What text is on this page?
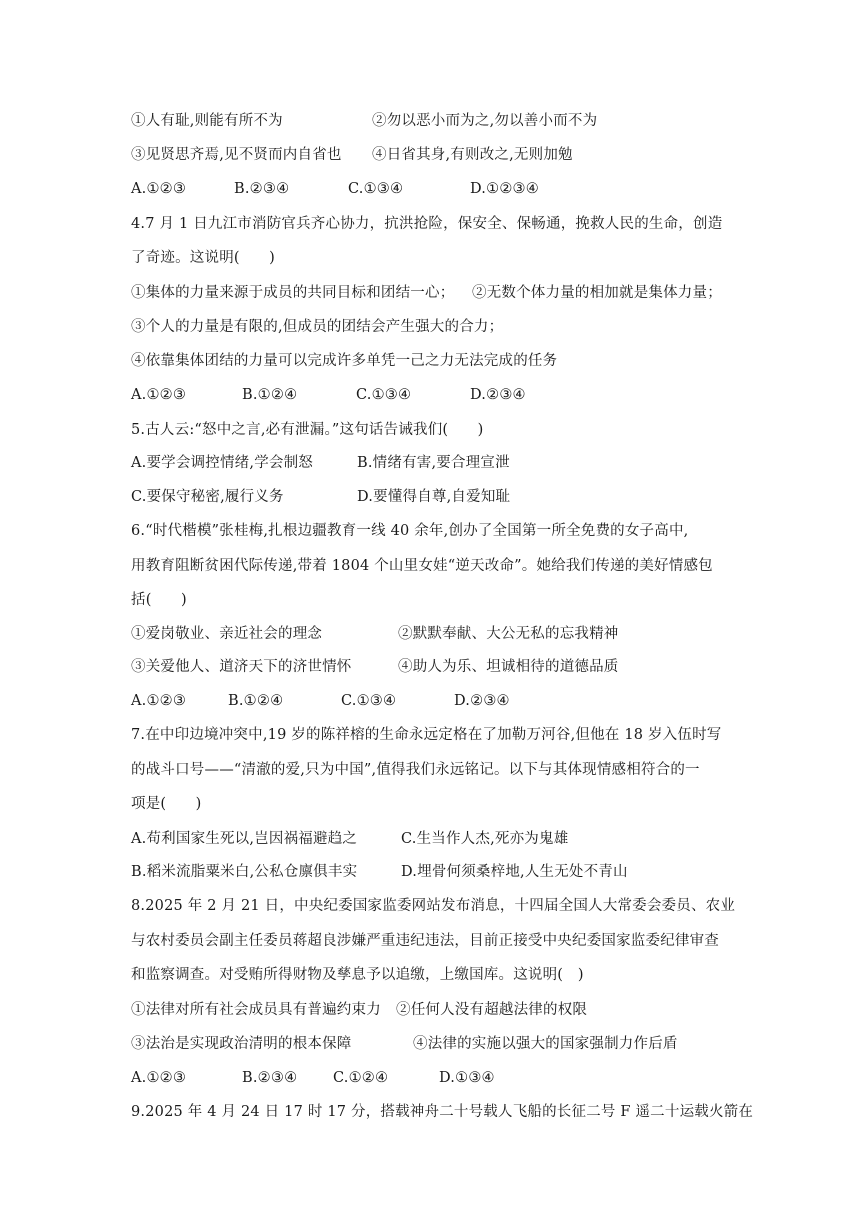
①人有耻,则能有所不为	②勿以恶小而为之,勿以善小而不为
③见贤思齐焉,见不贤而内自省也 ④日省其身,有则改之,无则加勉
A.①②③	B.②③④	C.①③④	D.①②③④
4.7 月 1 日九江市消防官兵齐心协力，抗洪抢险，保安全、保畅通，挽救人民的生命，创造
了奇迹。这说明(　　)
①集体的力量来源于成员的共同目标和团结一心； ②无数个体力量的相加就是集体力量；
③个人的力量是有限的,但成员的团结会产生强大的合力；
④依靠集体团结的力量可以完成许多单凭一己之力无法完成的任务
A.①②③	B.①②④	C.①③④	D.②③④
5.古人云:“怒中之言,必有泄漏。”这句话告诫我们(　　)
A.要学会调控情绪,学会制怒	B.情绪有害,要合理宣泄
C.要保守秘密,履行义务	D.要懂得自尊,自爱知耻
6.“时代楷模”张桂梅,扎根边疆教育一线 40 余年,创办了全国第一所全免费的女子高中,
用教育阻断贫困代际传递,带着 1804 个山里女娃“逆天改命”。她给我们传递的美好情感包
括(　　)
①爱岗敬业、亲近社会的理念	②默默奉献、大公无私的忘我精神
③关爱他人、道济天下的济世情怀	④助人为乐、坦诚相待的道德品质
A.①②③	B.①②④	C.①③④	D.②③④
7.在中印边境冲突中,19 岁的陈祥榕的生命永远定格在了加勒万河谷,但他在 18 岁入伍时写
的战斗口号——“清澈的爱,只为中国”,值得我们永远铭记。以下与其体现情感相符合的一
项是(　　)
A.苟利国家生死以,岂因祸福避趋之	C.生当作人杰,死亦为鬼雄
B.稻米流脂粟米白,公私仓廪俱丰实	D.埋骨何须桑梓地,人生无处不青山
8.2025 年 2 月 21 日，中央纪委国家监委网站发布消息，十四届全国人大常委会委员、农业
与农村委员会副主任委员蒋超良涉嫌严重违纪违法，目前正接受中央纪委国家监委纪律审查
和监察调查。对受贿所得财物及孳息予以追缴，上缴国库。这说明(　)
①法律对所有社会成员具有普遍约束力 ②任何人没有超越法律的权限
③法治是实现政治清明的根本保障	④法律的实施以强大的国家强制力作后盾
A.①②③	B.②③④ C.①②④	D.①③④
9.2025 年 4 月 24 日 17 时 17 分，搭载神舟二十号载人飞船的长征二号 F 遥二十运载火箭在
